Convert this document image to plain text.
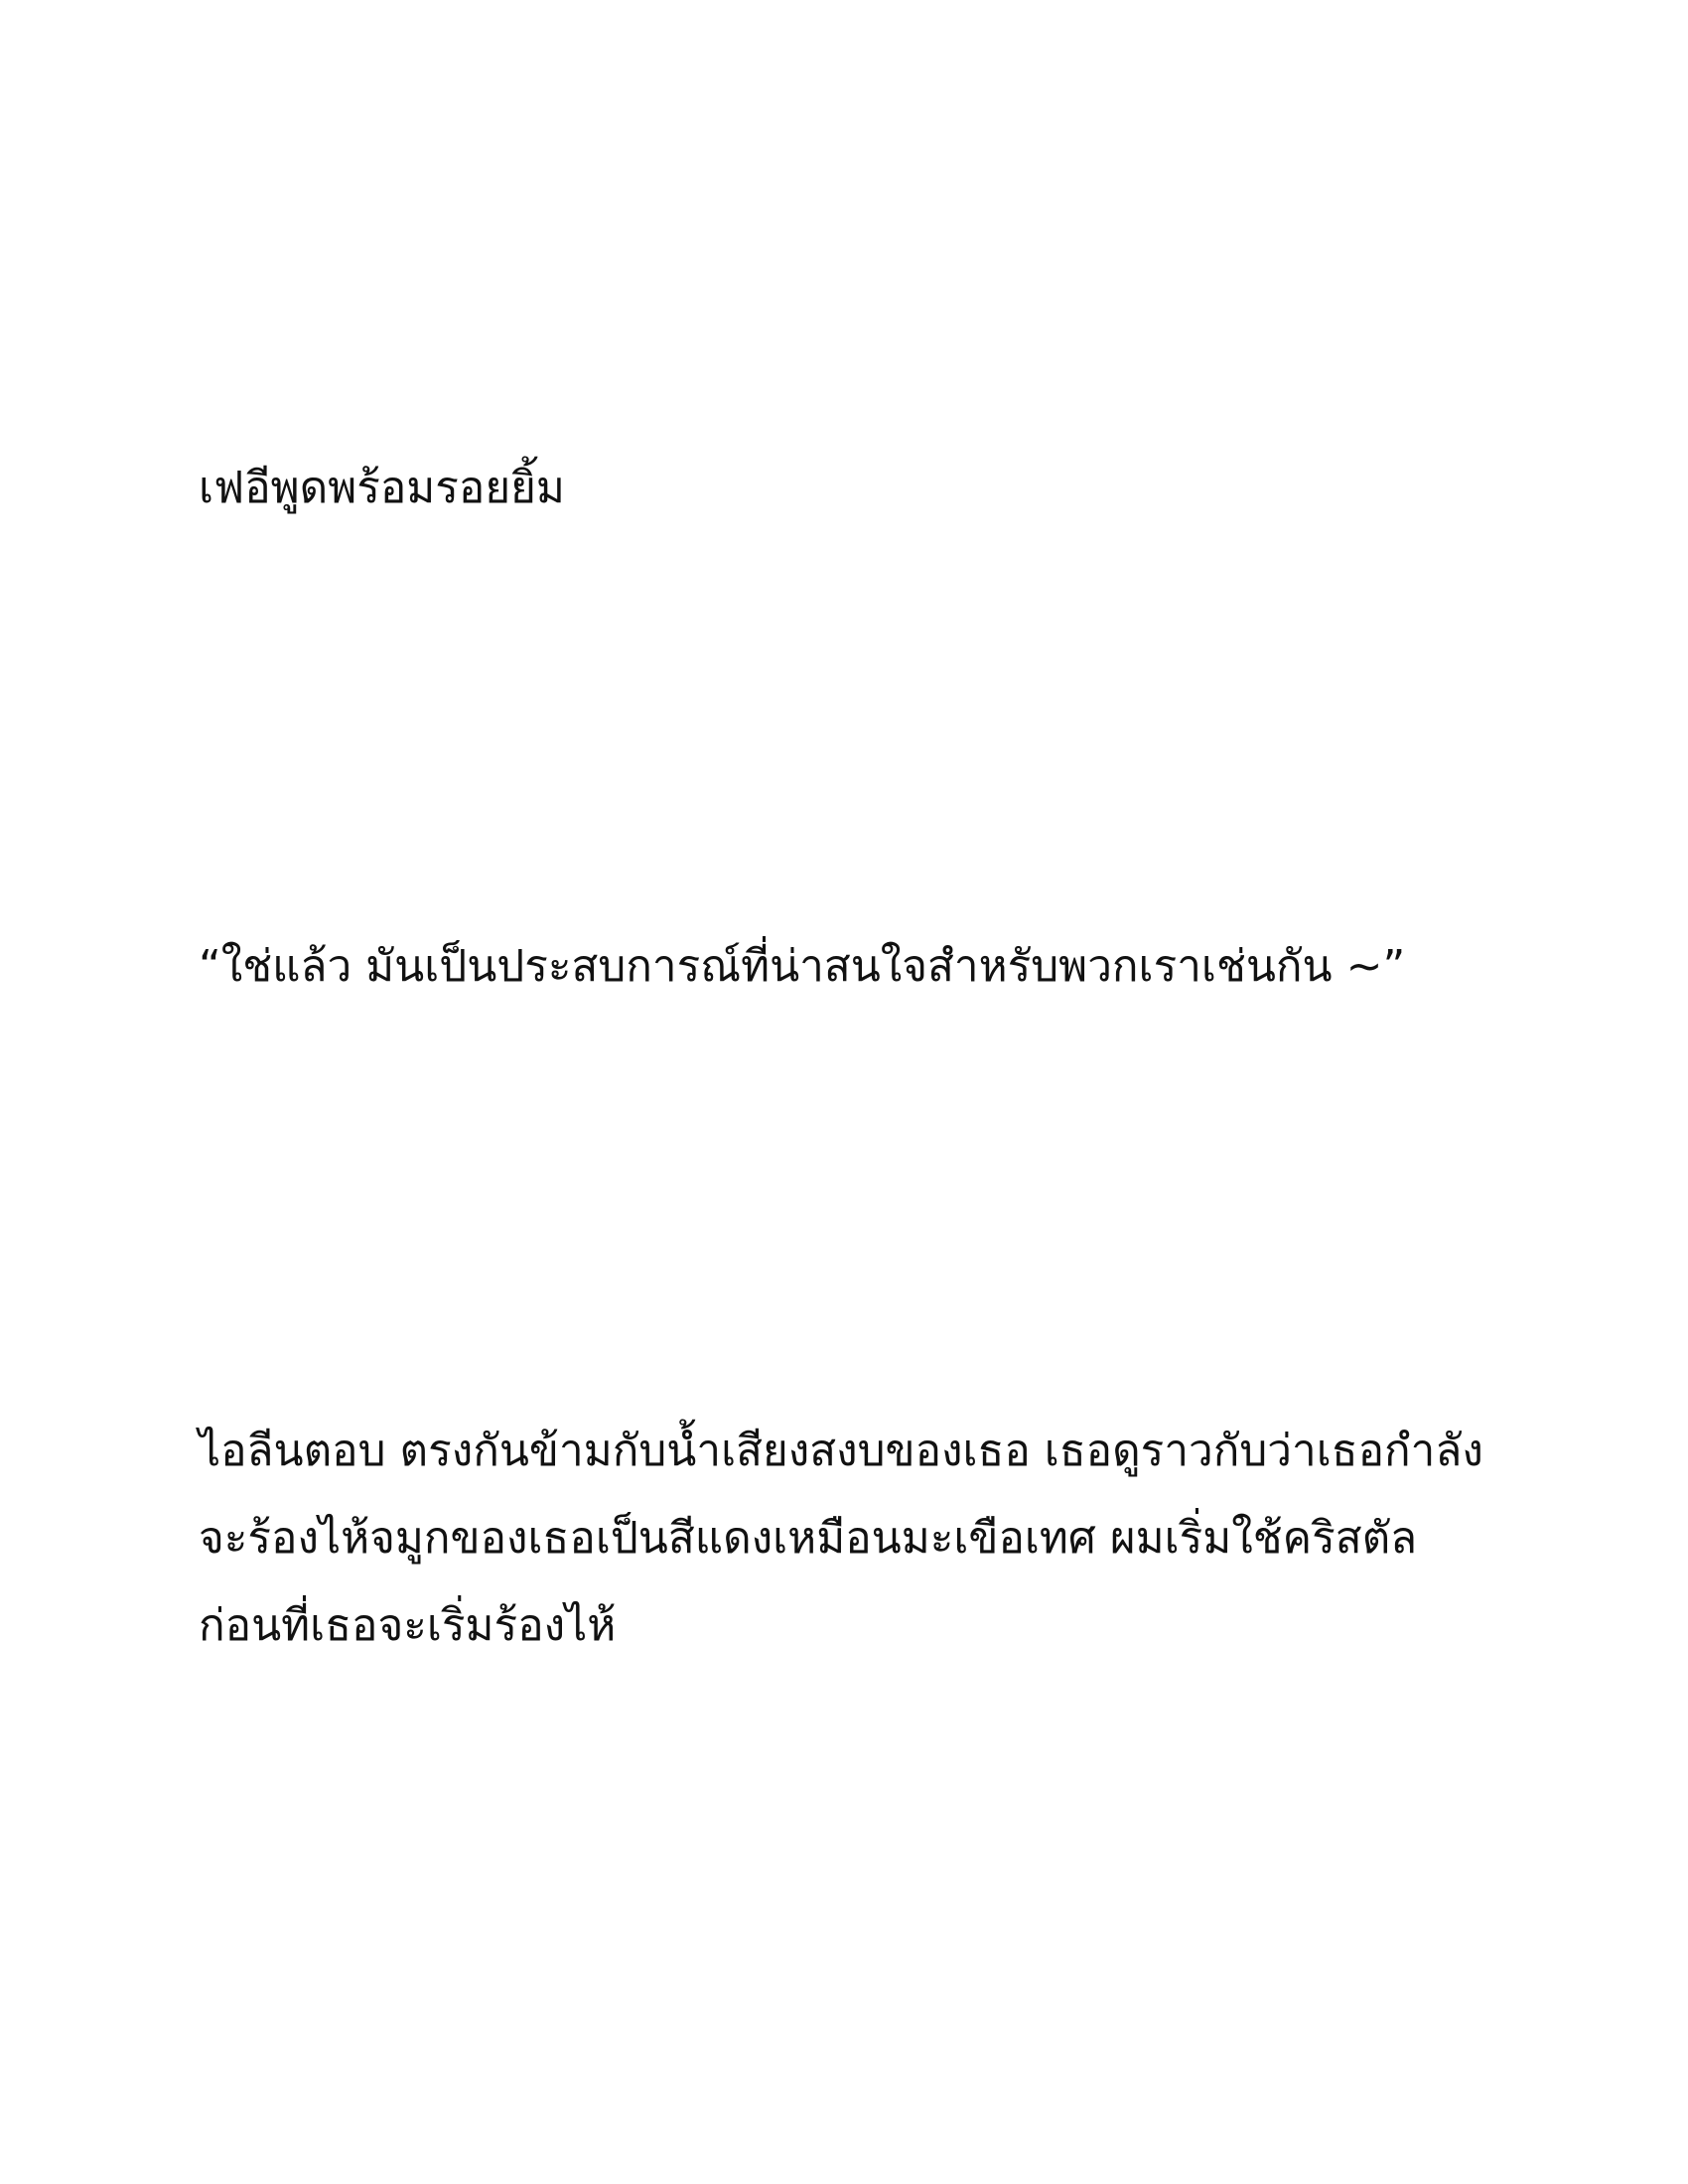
เฟอีพูดพร้อมรอยยิ้ม

“ใช่แล้ว มันเป็นประสบการณ์ที่น่าสนใจสำหรับพวกเราเช่นกัน ~”

ไอลีนตอบ ตรงกันข้ามกับน้ำเสียงสงบของเธอ เธอดูราวกับว่าเธอกำลังจะร้องไห้จมูกของเธอเป็นสีแดงเหมือนมะเขือเทศ ผมเริ่มใช้คริสตัลก่อนที่เธอจะเริ่มร้องไห้
